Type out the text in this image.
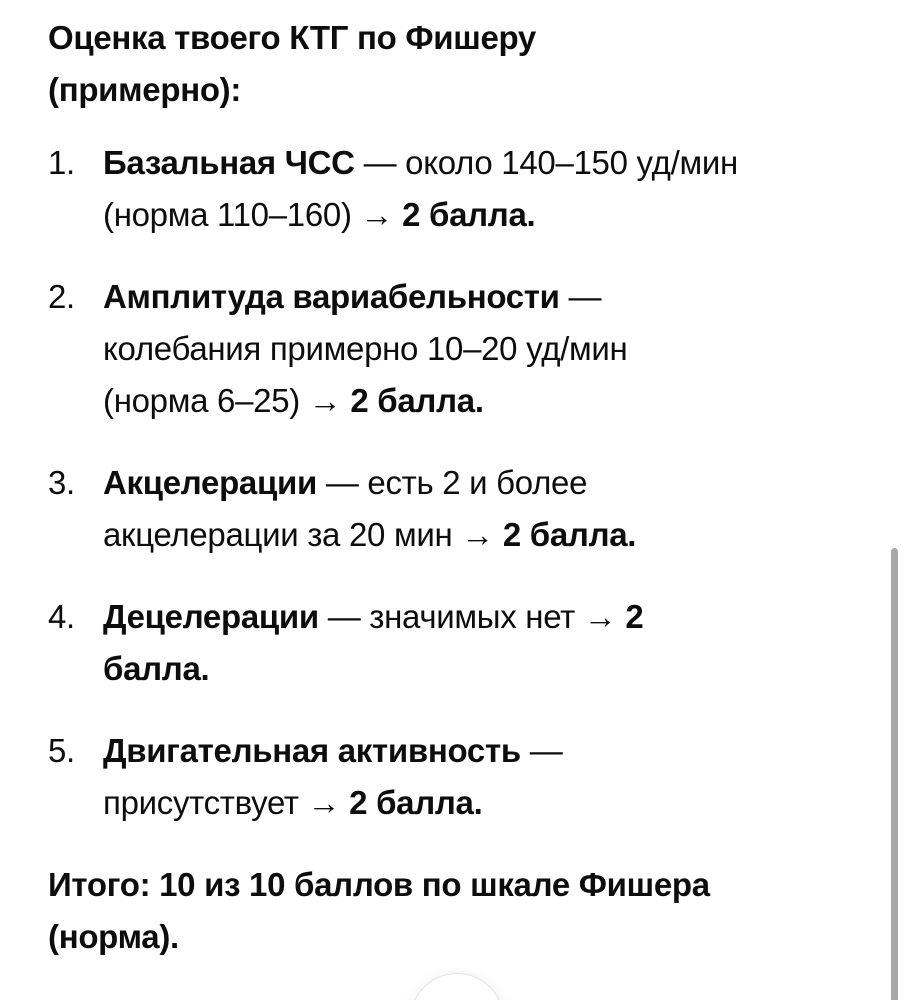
Оценка твоего КТГ по Фишеру
(примерно):
1. Базальная ЧСС — около 140–150 уд/мин
(норма 110–160) → 2 балла.
2. Амплитуда вариабельности —
колебания примерно 10–20 уд/мин
(норма 6–25) → 2 балла.
3. Акцелерации — есть 2 и более
акцелерации за 20 мин → 2 балла.
4. Децелерации — значимых нет → 2
балла.
5. Двигательная активность —
присутствует → 2 балла.
Итого: 10 из 10 баллов по шкале Фишера
(норма).
